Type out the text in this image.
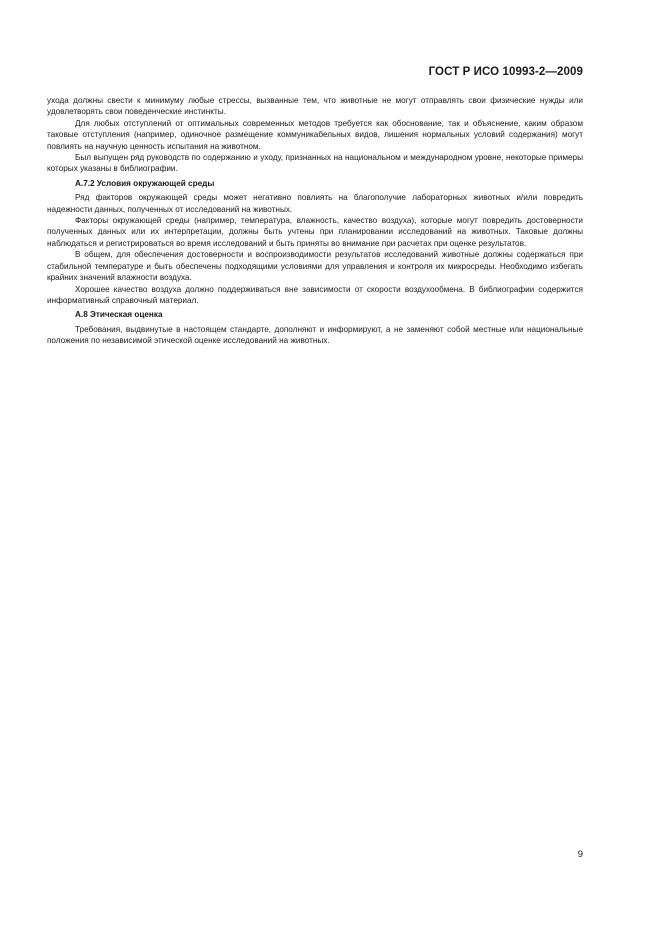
ГОСТ Р ИСО 10993-2—2009

ухода должны свести к минимуму любые стрессы, вызванные тем, что животные не могут отправлять свои физические нужды или удовлетворять свои поведенческие инстинкты.

Для любых отступлений от оптимальных современных методов требуется как обоснование, так и объяснение, каким образом таковые отступления (например, одиночное размещение коммуникабельных видов, лишения нормальных условий содержания) могут повлиять на научную ценность испытания на животном.

Был выпущен ряд руководств по содержанию и уходу, признанных на национальном и международном уровне, некоторые примеры которых указаны в библиографии.

А.7.2 Условия окружающей среды

Ряд факторов окружающей среды может негативно повлиять на благополучие лабораторных животных и/или повредить надежности данных, полученных от исследований на животных.

Факторы окружающей среды (например, температура, влажность, качество воздуха), которые могут повредить достоверности полученных данных или их интерпретации, должны быть учтены при планировании исследований на животных. Таковые должны наблюдаться и регистрироваться во время исследований и быть приняты во внимание при расчетах при оценке результатов.

В общем, для обеспечения достоверности и воспроизводимости результатов исследований животные должны содержаться при стабильной температуре и быть обеспечены подходящими условиями для управления и контроля их микросреды. Необходимо избегать крайних значений влажности воздуха.

Хорошее качество воздуха должно поддерживаться вне зависимости от скорости воздухообмена. В библиографии содержится информативный справочный материал.

А.8 Этическая оценка

Требования, выдвинутые в настоящем стандарте, дополняют и информируют, а не заменяют собой местные или национальные положения по независимой этической оценке исследований на животных.

9
